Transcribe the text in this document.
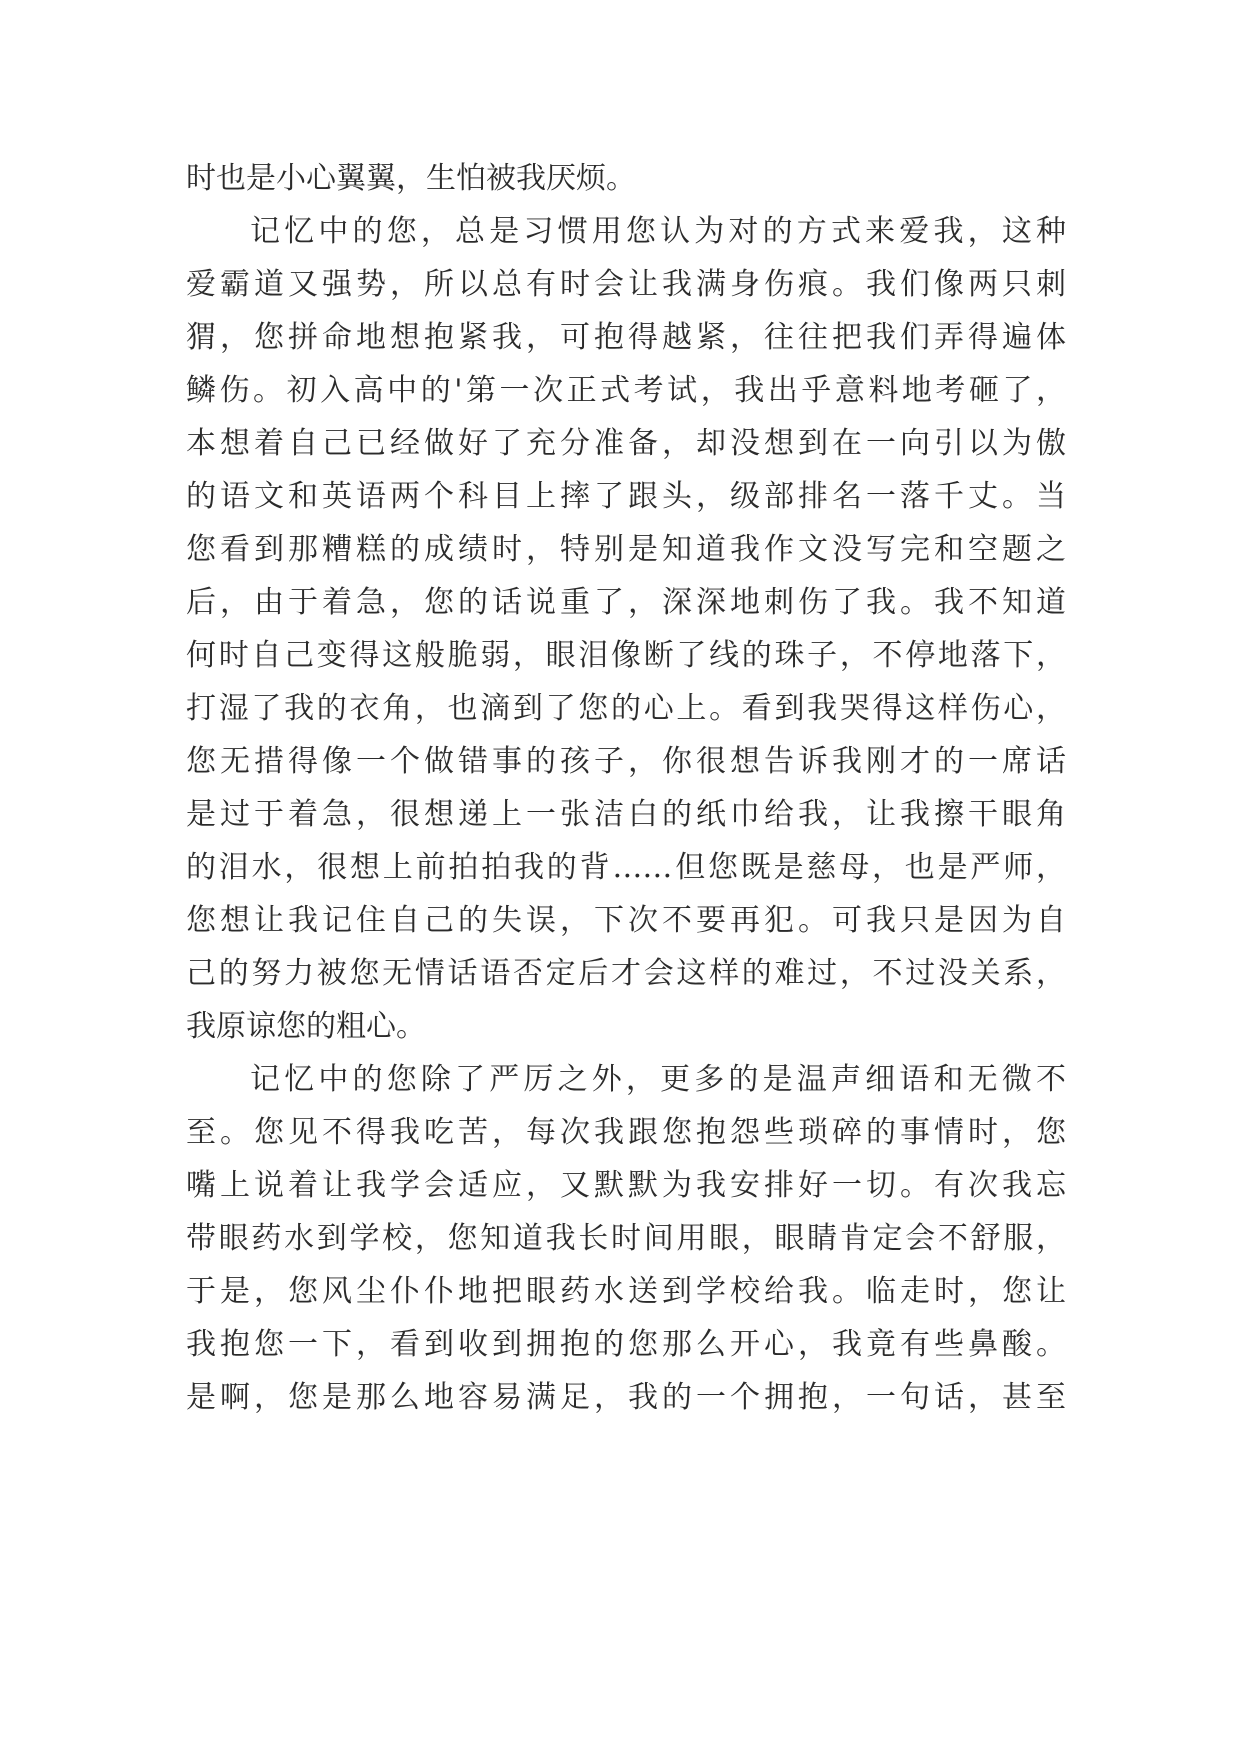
时也是小心翼翼，生怕被我厌烦。
记忆中的您，总是习惯用您认为对的方式来爱我，这种
爱霸道又强势，所以总有时会让我满身伤痕。我们像两只刺
猬，您拼命地想抱紧我，可抱得越紧，往往把我们弄得遍体
鳞伤。初入高中的'第一次正式考试，我出乎意料地考砸了，
本想着自己已经做好了充分准备，却没想到在一向引以为傲
的语文和英语两个科目上摔了跟头，级部排名一落千丈。当
您看到那糟糕的成绩时，特别是知道我作文没写完和空题之
后，由于着急，您的话说重了，深深地刺伤了我。我不知道
何时自己变得这般脆弱，眼泪像断了线的珠子，不停地落下，
打湿了我的衣角，也滴到了您的心上。看到我哭得这样伤心，
您无措得像一个做错事的孩子，你很想告诉我刚才的一席话
是过于着急，很想递上一张洁白的纸巾给我，让我擦干眼角
的泪水，很想上前拍拍我的背……但您既是慈母，也是严师，
您想让我记住自己的失误，下次不要再犯。可我只是因为自
己的努力被您无情话语否定后才会这样的难过，不过没关系，
我原谅您的粗心。
记忆中的您除了严厉之外，更多的是温声细语和无微不
至。您见不得我吃苦，每次我跟您抱怨些琐碎的事情时，您
嘴上说着让我学会适应，又默默为我安排好一切。有次我忘
带眼药水到学校，您知道我长时间用眼，眼睛肯定会不舒服，
于是，您风尘仆仆地把眼药水送到学校给我。临走时，您让
我抱您一下，看到收到拥抱的您那么开心，我竟有些鼻酸。
是啊，您是那么地容易满足，我的一个拥抱，一句话，甚至
